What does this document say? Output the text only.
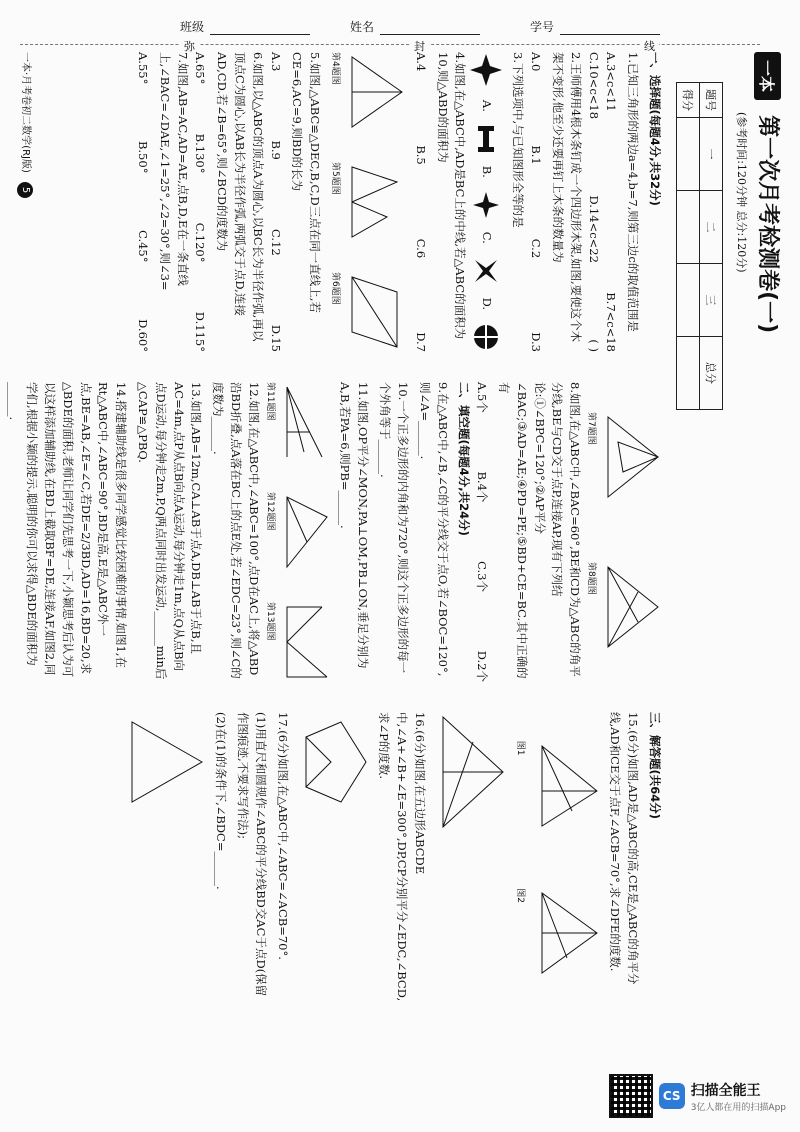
班级	姓名	学号
弥	封	线
一本 第一次月考检测卷(一)
(参考时间:120分钟 总分:120分)
题号	一	二	三	总分
得分				

一、选择题(每题4分,共32分)

1.已知三角形的两边a=4,b=7,则第三边c的取值范围是

A.3<c<11
B.7<c<18
C.10<c<18
D.14<c<22
( )

2.王师傅用4根木条钉成一个四边形木架,如图,要使这个木架不变形,他至少还要再钉上木条的数量为

A.0
B.1
C.2
D.3

3.下列选项中,与已知图形全等的是

A.
B.
C.
D.

4.如图,在△ABC中,AD是BC上的中线,若△ABC的面积为10,则△ABD的面积为

A.4
B.5
C.6
D.7
第4题图
第5题图
第6题图

5.如图,△ABC≌△DEC,B,C,D三点在同一直线上,若CE=6,AC=9,则BD的长为

A.3
B.9
C.12
D.15

6.如图,以△ABC的顶点A为圆心,以BC长为半径作弧,再以顶点C为圆心,以AB长为半径作弧,两弧交于点D,连接AD,CD.若∠B=65°,则∠BCD的度数为

A.65°
B.130°
C.120°
D.115°

7.如图,AB=AC,AD=AE,点B,D,E在一条直线上,∠BAC=∠DAE,∠1=25°,∠2=30°,则∠3=

A.55°
B.50°
C.45°
D.60°
第7题图
第8题图

8.如图,在△ABC中,∠BAC=60°,BE和CD为△ABC的角平分线,BE与CD交于点P,连接AP,现有下列结论:①∠BPC=120°;②AP平分∠BAC;③AD=AE;④PD=PE;⑤BD+CE=BC.其中正确的有

A.5个
B.4个
C.3个
D.2个

二、填空题(每题4分,共24分)

9.在△ABC中,∠B,∠C的平分线交于点O,若∠BOC=120°,则∠A=______.

10.一个正多边形的内角和为720°,则这个正多边形的每一个外角等于______.

11.如图,OP平分∠MON,PA⊥OM,PB⊥ON,垂足分别为A,B,若PA=6,则PB=______.

第11题图
第12题图
第13题图

12.如图,在△ABC中,∠ABC=100°,点D在AC上,将△ABD沿BD折叠,点A落在BC上的点E处,若∠EDC=23°,则∠C的度数为______.

13.如图,AB=12m,CA⊥AB于点A,DB⊥AB于点B,且AC=4m,点P从点B向点A运动,每分钟走1m,点Q从点B向点D运动,每分钟走2m,P,Q两点同时出发运动,______min后△CAP≌△PBQ.

14.搭建辅助线是很多同学感觉比较困难的事情,如图1,在Rt△ABC中,∠ABC=90°,BD是高,E是△ABC外一点,BE=AB,∠E=∠C,若DE=2/3BD,AD=16,BD=20,求△BDE的面积,老师让同学们先思考一下,小颖思考后认为可以这样添加辅助线,在BD上截取BF=DE,连接AF,如图2,同学们,根据小颖的提示,聪明的你可以求得△BDE的面积为______.

三、解答题(共64分)

15.(6分)如图,AD是△ABC的高,CE是△ABC的角平分线,AD和CE交于点F,∠ACB=70°,求∠DFE的度数.

图1
图2

16.(6分)如图,在五边形ABCDE中,∠A+∠B+∠E=300°,DP,CP分别平分∠EDC,∠BCD,求∠P的度数.

17.(6分)如图,在△ABC中,∠ABC=∠ACB=70°.

(1)用直尺和圆规作∠ABC的平分线BD交AC于点D(保留作图痕迹,不要求写作法);

(2)在(1)的条件下,∠BDC=______.

一本·月考卷初二数学(RJ版) 5
CS 扫描全能王
3亿人都在用的扫描App
